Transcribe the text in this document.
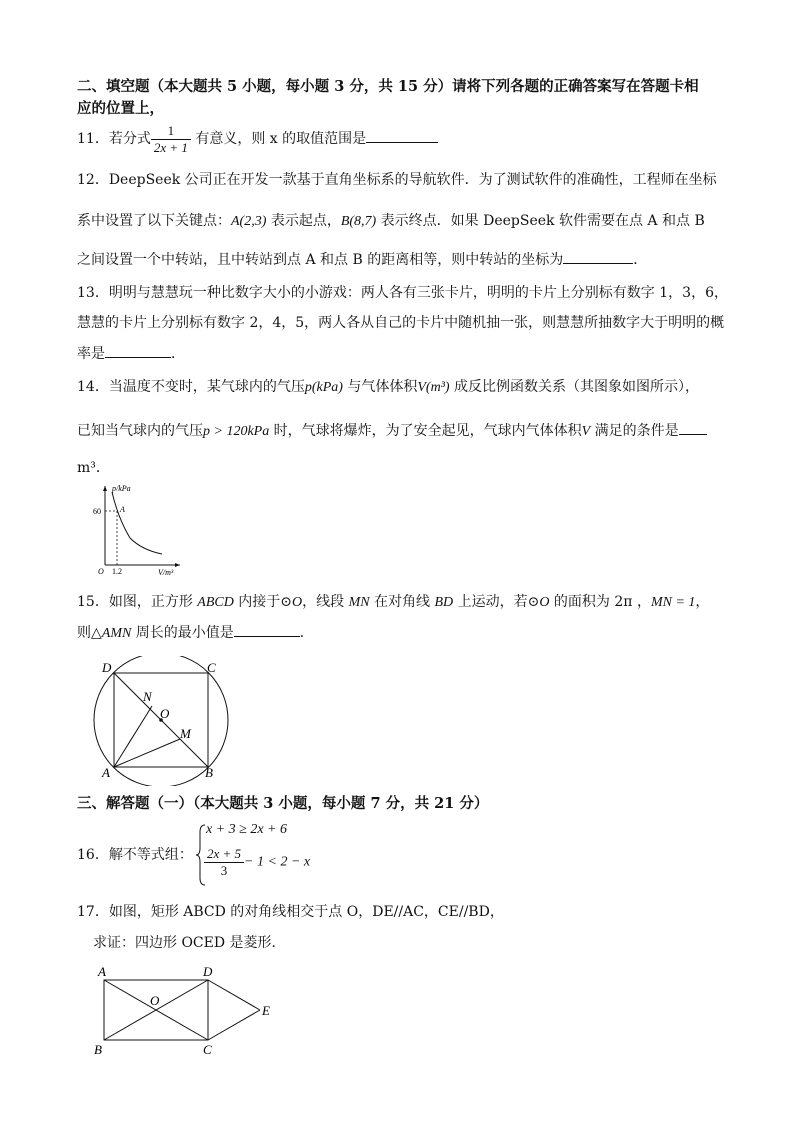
二、填空题（本大题共 5 小题，每小题 3 分，共 15 分）请将下列各题的正确答案写在答题卡相
应的位置上，
11．若分式 $\frac{1}{2x + 1}$ 有意义，则 x 的取值范围是
12．DeepSeek 公司正在开发一款基于直角坐标系的导航软件．为了测试软件的准确性，工程师在坐标
系中设置了以下关键点：A(2,3) 表示起点，B(8,7) 表示终点．如果 DeepSeek 软件需要在点 A 和点 B
之间设置一个中转站，且中转站到点 A 和点 B 的距离相等，则中转站的坐标为	．
13．明明与慧慧玩一种比数字大小的小游戏：两人各有三张卡片，明明的卡片上分别标有数字 1，3，6，
慧慧的卡片上分别标有数字 2，4，5，两人各从自己的卡片中随机抽一张，则慧慧所抽数字大于明明的概
率是	．
14．当温度不变时，某气球内的气压p(kPa) 与气体体积V(m³) 成反比例函数关系（其图象如图所示），
已知当气球内的气压p > 120kPa 时，气球将爆炸，为了安全起见，气球内气体体积V 满足的条件是
m³．
p/kPa
V/m³
O
60
1.2
A
15．如图，正方形 ABCD 内接于⊙O，线段 MN 在对角线 BD 上运动，若⊙O 的面积为 2π ，MN = 1，
则△AMN 周长的最小值是	．
D	C
A	B
N
O
M
三、解答题（一）（本大题共 3 小题，每小题 7 分，共 21 分）
16．解不等式组：
x + 3 ≥ 2x + 6
$\frac{2x + 5}{3} - 1 < 2 - x$
17．如图，矩形 ABCD 的对角线相交于点 O，DE//AC，CE//BD，
求证：四边形 OCED 是菱形．
A	D
O
E
B	C
